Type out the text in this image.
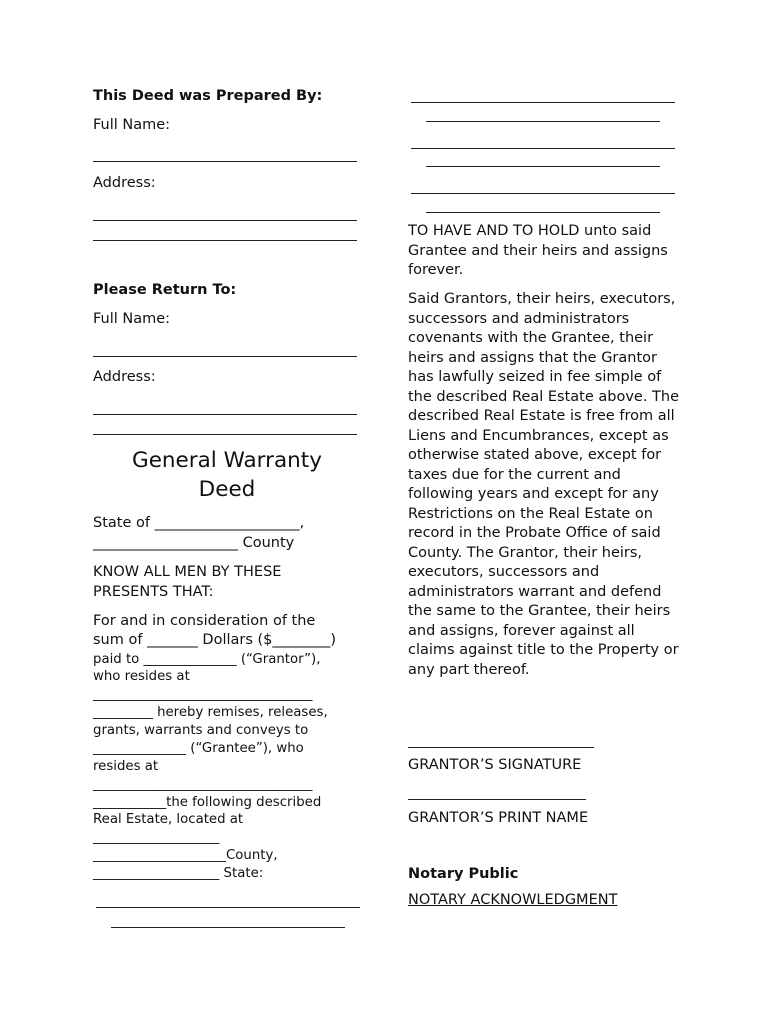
This Deed was Prepared By:
Full Name:
Address:
Please Return To:
Full Name:
Address:
General Warranty
Deed
State of ____________________,
____________________ County
KNOW ALL MEN BY THESE
PRESENTS THAT:
For and in consideration of the
sum of _______ Dollars ($________)
paid to ______________ (“Grantor”),
who resides at
_________________________________
_________ hereby remises, releases,
grants, warrants and conveys to
______________ (“Grantee”), who
resides at
_________________________________
___________the following described
Real Estate, located at
___________________
____________________County,
___________________ State:
TO HAVE AND TO HOLD unto said Grantee and their heirs and assigns forever.
Said Grantors, their heirs, executors, successors and administrators covenants with the Grantee, their heirs and assigns that the Grantor has lawfully seized in fee simple of the described Real Estate above. The described Real Estate is free from all Liens and Encumbrances, except as otherwise stated above, except for taxes due for the current and following years and except for any Restrictions on the Real Estate on record in the Probate Office of said County. The Grantor, their heirs, executors, successors and administrators warrant and defend the same to the Grantee, their heirs and assigns, forever against all claims against title to the Property or any part thereof.
GRANTOR’S SIGNATURE
GRANTOR’S PRINT NAME
Notary Public
NOTARY ACKNOWLEDGMENT
